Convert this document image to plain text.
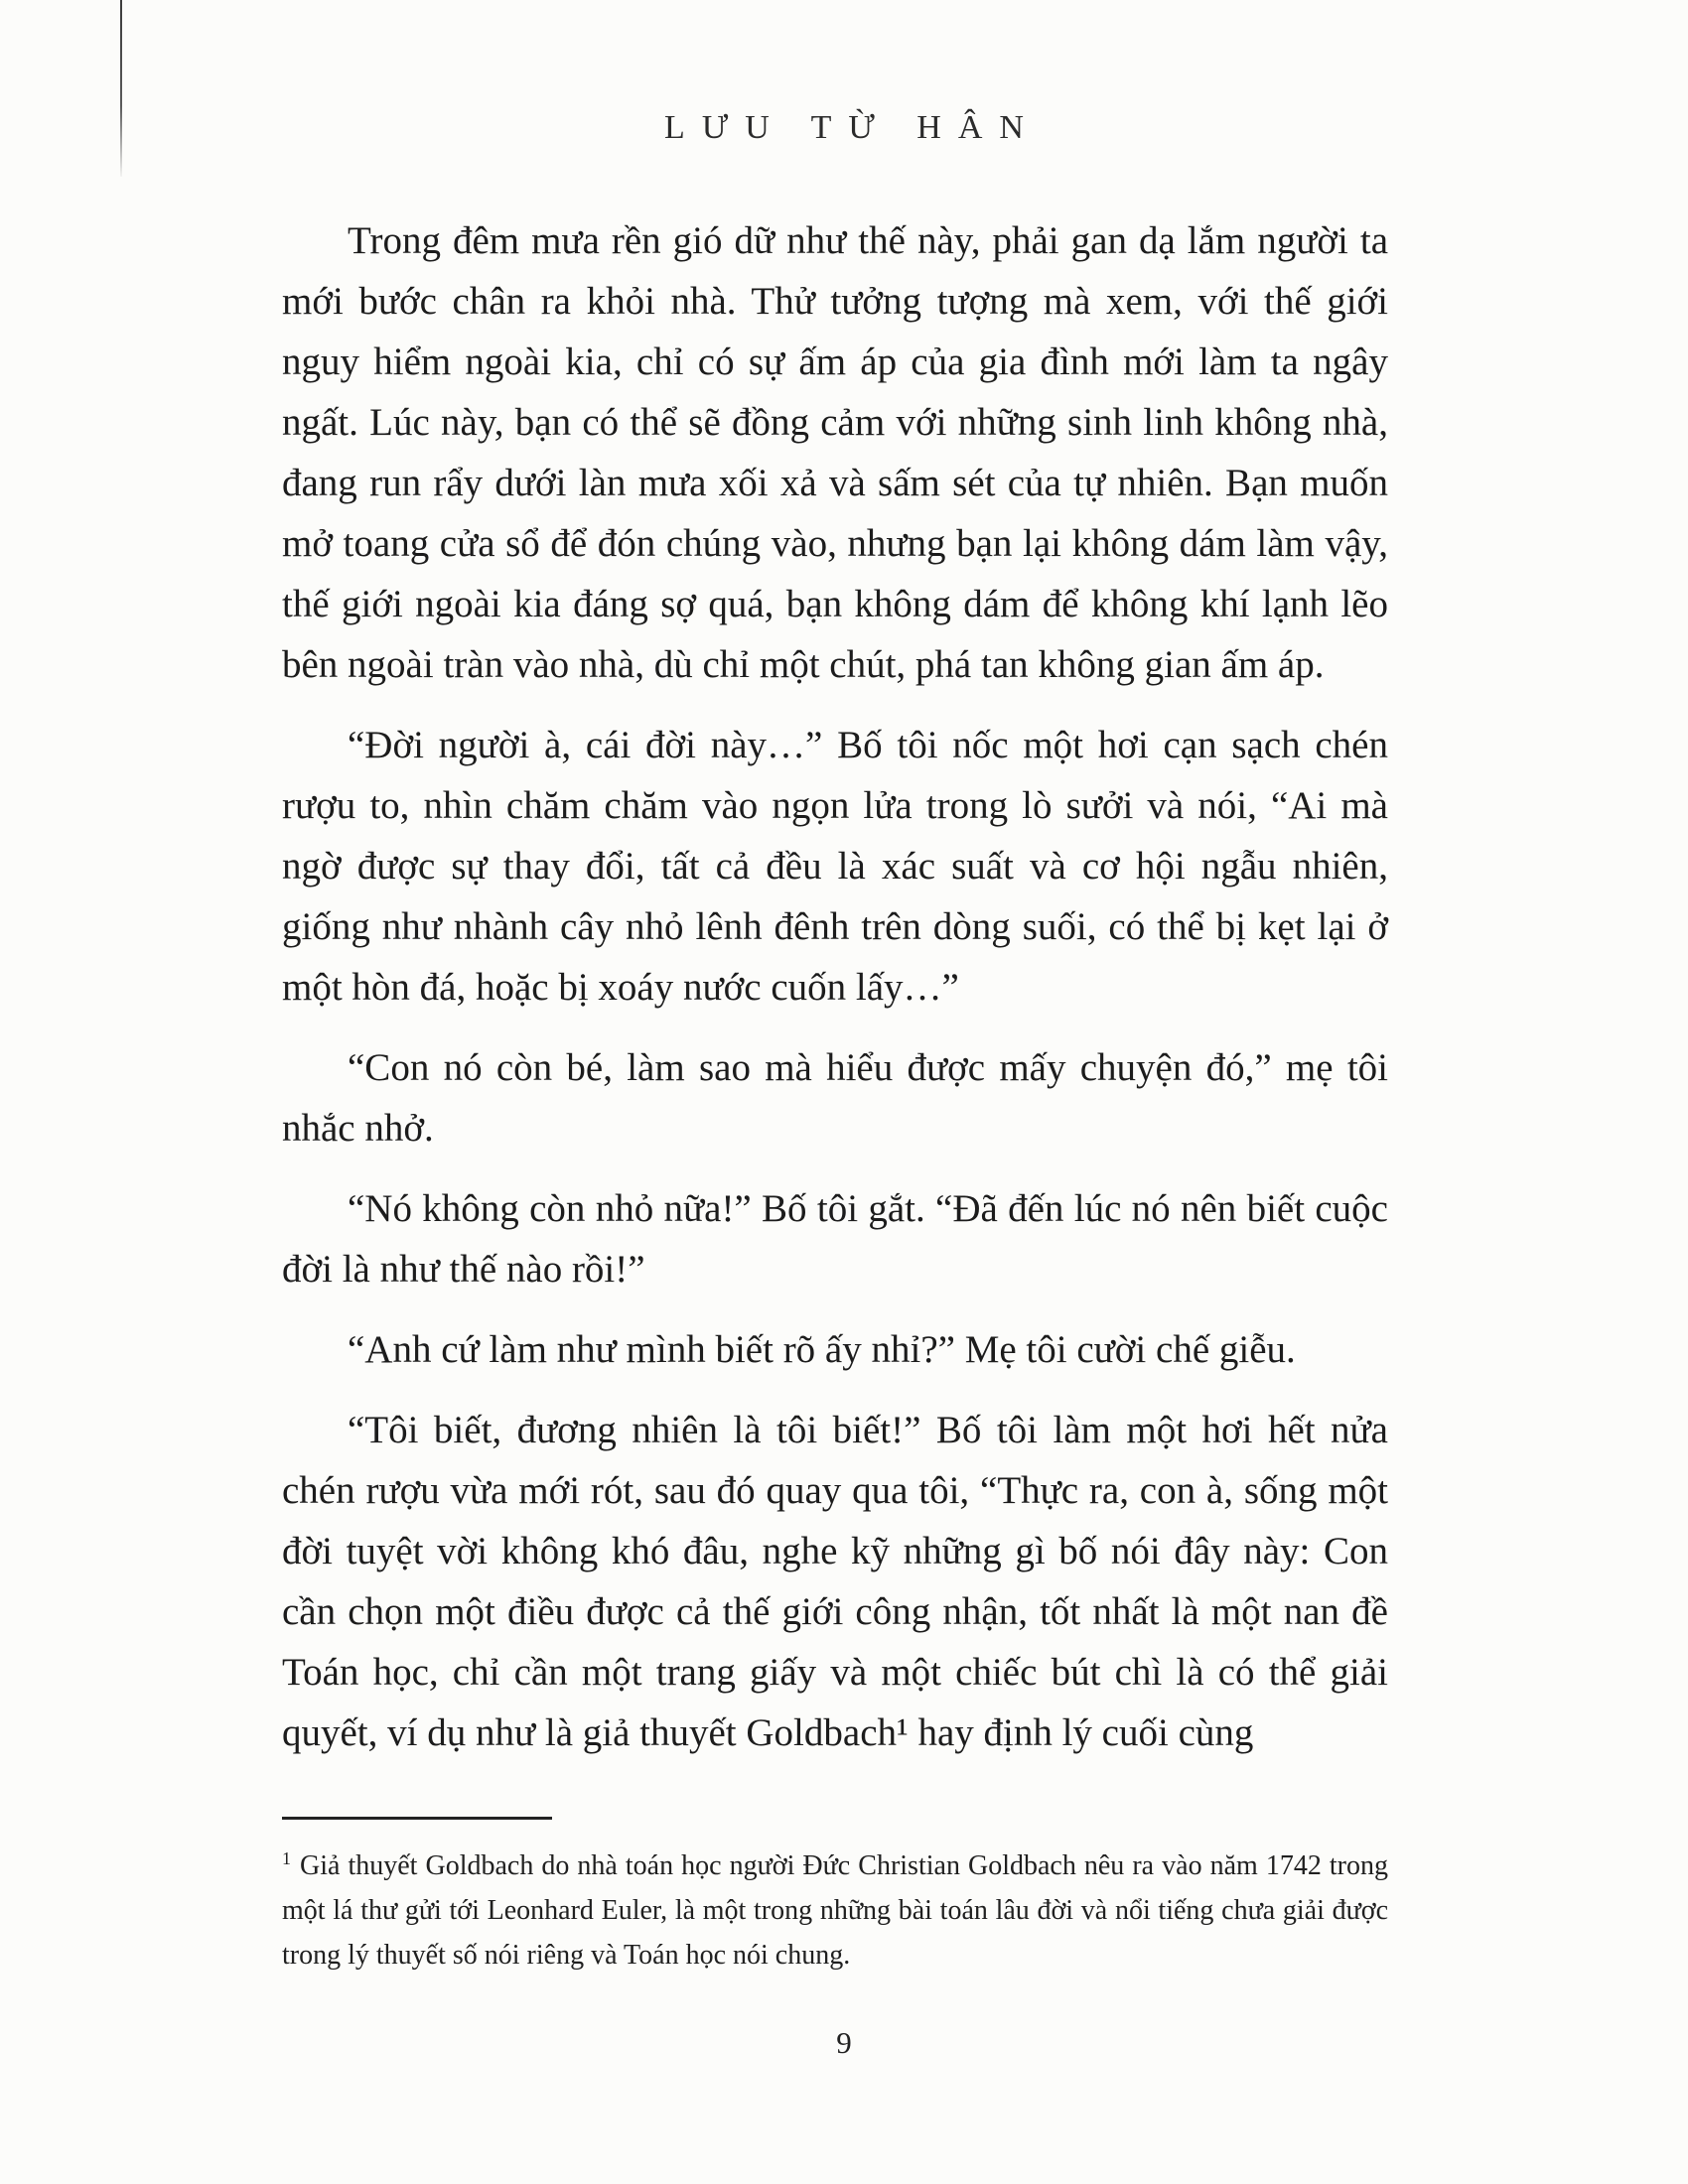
LƯU TỪ HÂN

Trong đêm mưa rền gió dữ như thế này, phải gan dạ lắm người ta mới bước chân ra khỏi nhà. Thử tưởng tượng mà xem, với thế giới nguy hiểm ngoài kia, chỉ có sự ấm áp của gia đình mới làm ta ngây ngất. Lúc này, bạn có thể sẽ đồng cảm với những sinh linh không nhà, đang run rẩy dưới làn mưa xối xả và sấm sét của tự nhiên. Bạn muốn mở toang cửa sổ để đón chúng vào, nhưng bạn lại không dám làm vậy, thế giới ngoài kia đáng sợ quá, bạn không dám để không khí lạnh lẽo bên ngoài tràn vào nhà, dù chỉ một chút, phá tan không gian ấm áp.

“Đời người à, cái đời này…” Bố tôi nốc một hơi cạn sạch chén rượu to, nhìn chăm chăm vào ngọn lửa trong lò sưởi và nói, “Ai mà ngờ được sự thay đổi, tất cả đều là xác suất và cơ hội ngẫu nhiên, giống như nhành cây nhỏ lênh đênh trên dòng suối, có thể bị kẹt lại ở một hòn đá, hoặc bị xoáy nước cuốn lấy…”

“Con nó còn bé, làm sao mà hiểu được mấy chuyện đó,” mẹ tôi nhắc nhở.

“Nó không còn nhỏ nữa!” Bố tôi gắt. “Đã đến lúc nó nên biết cuộc đời là như thế nào rồi!”

“Anh cứ làm như mình biết rõ ấy nhỉ?” Mẹ tôi cười chế giễu.

“Tôi biết, đương nhiên là tôi biết!” Bố tôi làm một hơi hết nửa chén rượu vừa mới rót, sau đó quay qua tôi, “Thực ra, con à, sống một đời tuyệt vời không khó đâu, nghe kỹ những gì bố nói đây này: Con cần chọn một điều được cả thế giới công nhận, tốt nhất là một nan đề Toán học, chỉ cần một trang giấy và một chiếc bút chì là có thể giải quyết, ví dụ như là giả thuyết Goldbach¹ hay định lý cuối cùng

$^1$ Giả thuyết Goldbach do nhà toán học người Đức Christian Goldbach nêu ra vào năm 1742 trong một lá thư gửi tới Leonhard Euler, là một trong những bài toán lâu đời và nổi tiếng chưa giải được trong lý thuyết số nói riêng và Toán học nói chung.

9
